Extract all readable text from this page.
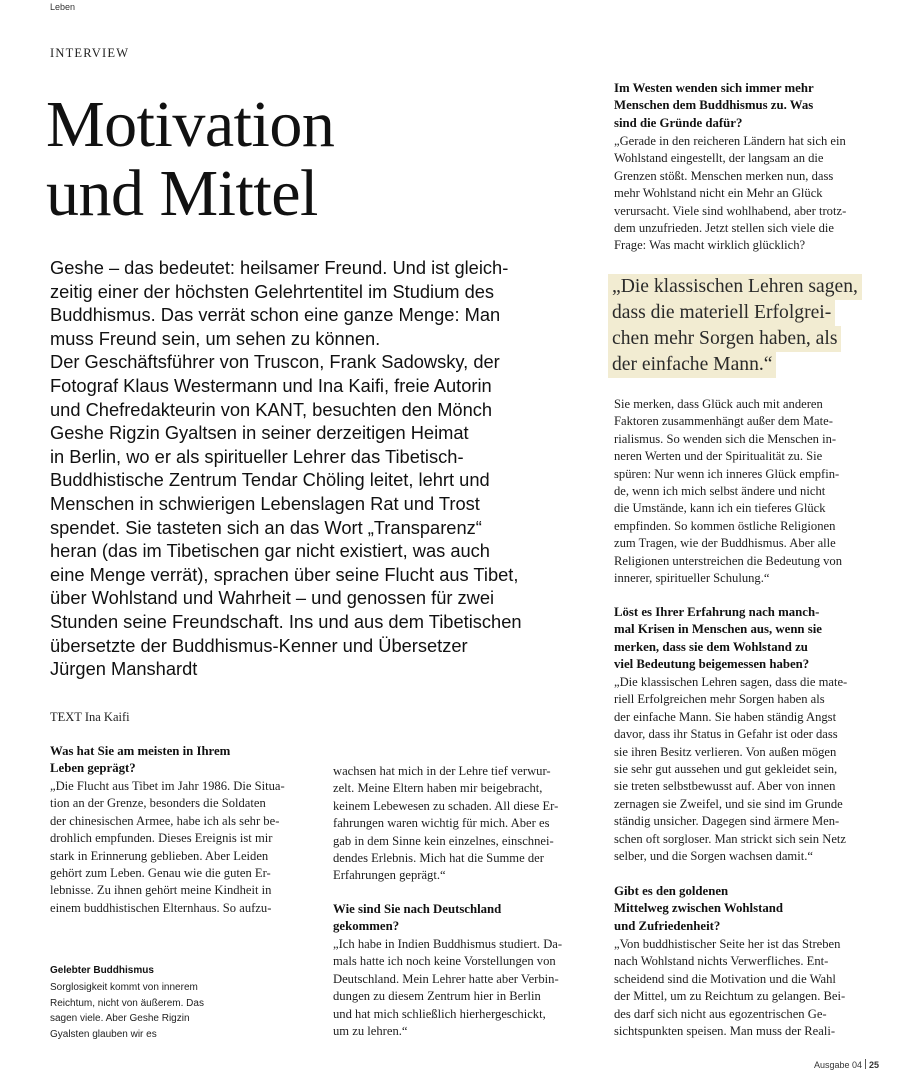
Leben
INTERVIEW
Motivation
und Mittel
Geshe – das bedeutet: heilsamer Freund. Und ist gleich-
zeitig einer der höchsten Gelehrtentitel im Studium des
Buddhismus. Das verrät schon eine ganze Menge: Man
muss Freund sein, um sehen zu können.
Der Geschäftsführer von Truscon, Frank Sadowsky, der
Fotograf Klaus Westermann und Ina Kaifi, freie Autorin
und Chefredakteurin von KANT, besuchten den Mönch
Geshe Rigzin Gyaltsen in seiner derzeitigen Heimat
in Berlin, wo er als spiritueller Lehrer das Tibetisch-
Buddhistische Zentrum Tendar Chöling leitet, lehrt und
Menschen in schwierigen Lebenslagen Rat und Trost
spendet. Sie tasteten sich an das Wort „Transparenz“
heran (das im Tibetischen gar nicht existiert, was auch
eine Menge verrät), sprachen über seine Flucht aus Tibet,
über Wohlstand und Wahrheit – und genossen für zwei
Stunden seine Freundschaft. Ins und aus dem Tibetischen
übersetzte der Buddhismus-Kenner und Übersetzer
Jürgen Manshardt
TEXT Ina Kaifi
Was hat Sie am meisten in Ihrem
Leben geprägt?
„Die Flucht aus Tibet im Jahr 1986. Die Situa-
tion an der Grenze, besonders die Soldaten
der chinesischen Armee, habe ich als sehr be-
drohlich empfunden. Dieses Ereignis ist mir
stark in Erinnerung geblieben. Aber Leiden
gehört zum Leben. Genau wie die guten Er-
lebnisse. Zu ihnen gehört meine Kindheit in
einem buddhistischen Elternhaus. So aufzu-
Gelebter Buddhismus
Sorglosigkeit kommt von innerem
Reichtum, nicht von äußerem. Das
sagen viele. Aber Geshe Rigzin
Gyalsten glauben wir es
wachsen hat mich in der Lehre tief verwur-
zelt. Meine Eltern haben mir beigebracht,
keinem Lebewesen zu schaden. All diese Er-
fahrungen waren wichtig für mich. Aber es
gab in dem Sinne kein einzelnes, einschnei-
dendes Erlebnis. Mich hat die Summe der
Erfahrungen geprägt.“
Wie sind Sie nach Deutschland
gekommen?
„Ich habe in Indien Buddhismus studiert. Da-
mals hatte ich noch keine Vorstellungen von
Deutschland. Mein Lehrer hatte aber Verbin-
dungen zu diesem Zentrum hier in Berlin
und hat mich schließlich hierhergeschickt,
um zu lehren.“
Im Westen wenden sich immer mehr
Menschen dem Buddhismus zu. Was
sind die Gründe dafür?
„Gerade in den reicheren Ländern hat sich ein
Wohlstand eingestellt, der langsam an die
Grenzen stößt. Menschen merken nun, dass
mehr Wohlstand nicht ein Mehr an Glück
verursacht. Viele sind wohlhabend, aber trotz-
dem unzufrieden. Jetzt stellen sich viele die
Frage: Was macht wirklich glücklich?
„Die klassischen Lehren sagen,
dass die materiell Erfolgrei-
chen mehr Sorgen haben, als
der einfache Mann.“
Sie merken, dass Glück auch mit anderen
Faktoren zusammenhängt außer dem Mate-
rialismus. So wenden sich die Menschen in-
neren Werten und der Spiritualität zu. Sie
spüren: Nur wenn ich inneres Glück empfin-
de, wenn ich mich selbst ändere und nicht
die Umstände, kann ich ein tieferes Glück
empfinden. So kommen östliche Religionen
zum Tragen, wie der Buddhismus. Aber alle
Religionen unterstreichen die Bedeutung von
innerer, spiritueller Schulung.“
Löst es Ihrer Erfahrung nach manch-
mal Krisen in Menschen aus, wenn sie
merken, dass sie dem Wohlstand zu
viel Bedeutung beigemessen haben?
„Die klassischen Lehren sagen, dass die mate-
riell Erfolgreichen mehr Sorgen haben als
der einfache Mann. Sie haben ständig Angst
davor, dass ihr Status in Gefahr ist oder dass
sie ihren Besitz verlieren. Von außen mögen
sie sehr gut aussehen und gut gekleidet sein,
sie treten selbstbewusst auf. Aber von innen
zernagen sie Zweifel, und sie sind im Grunde
ständig unsicher. Dagegen sind ärmere Men-
schen oft sorgloser. Man strickt sich sein Netz
selber, und die Sorgen wachsen damit.“
Gibt es den goldenen
Mittelweg zwischen Wohlstand
und Zufriedenheit?
„Von buddhistischer Seite her ist das Streben
nach Wohlstand nichts Verwerfliches. Ent-
scheidend sind die Motivation und die Wahl
der Mittel, um zu Reichtum zu gelangen. Bei-
des darf sich nicht aus egozentrischen Ge-
sichtspunkten speisen. Man muss der Reali-
Ausgabe 04 25
